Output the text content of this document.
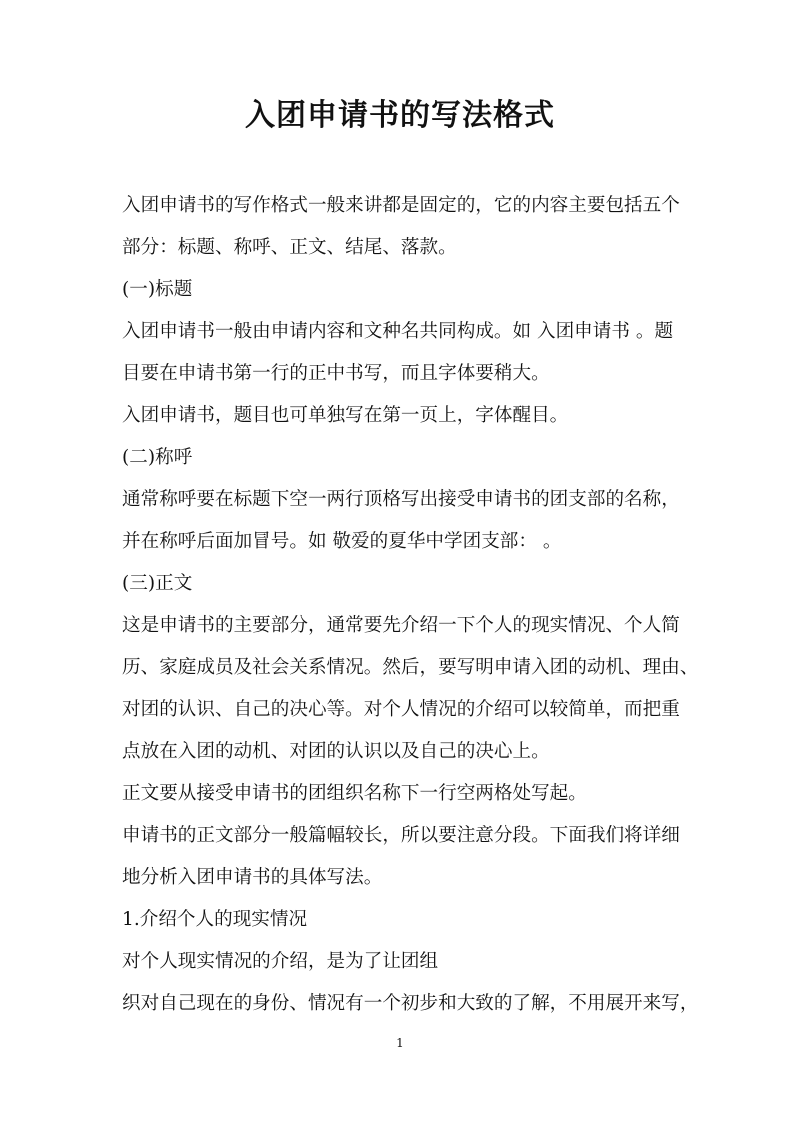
入团申请书的写法格式
入团申请书的写作格式一般来讲都是固定的，它的内容主要包括五个
部分：标题、称呼、正文、结尾、落款。
(一)标题
入团申请书一般由申请内容和文种名共同构成。如 入团申请书 。题
目要在申请书第一行的正中书写，而且字体要稍大。
入团申请书，题目也可单独写在第一页上，字体醒目。
(二)称呼
通常称呼要在标题下空一两行顶格写出接受申请书的团支部的名称，
并在称呼后面加冒号。如 敬爱的夏华中学团支部： 。
(三)正文
这是申请书的主要部分，通常要先介绍一下个人的现实情况、个人简
历、家庭成员及社会关系情况。然后，要写明申请入团的动机、理由、
对团的认识、自己的决心等。对个人情况的介绍可以较简单，而把重
点放在入团的动机、对团的认识以及自己的决心上。
正文要从接受申请书的团组织名称下一行空两格处写起。
申请书的正文部分一般篇幅较长，所以要注意分段。下面我们将详细
地分析入团申请书的具体写法。
1.介绍个人的现实情况
对个人现实情况的介绍，是为了让团组
织对自己现在的身份、情况有一个初步和大致的了解，不用展开来写，
1
